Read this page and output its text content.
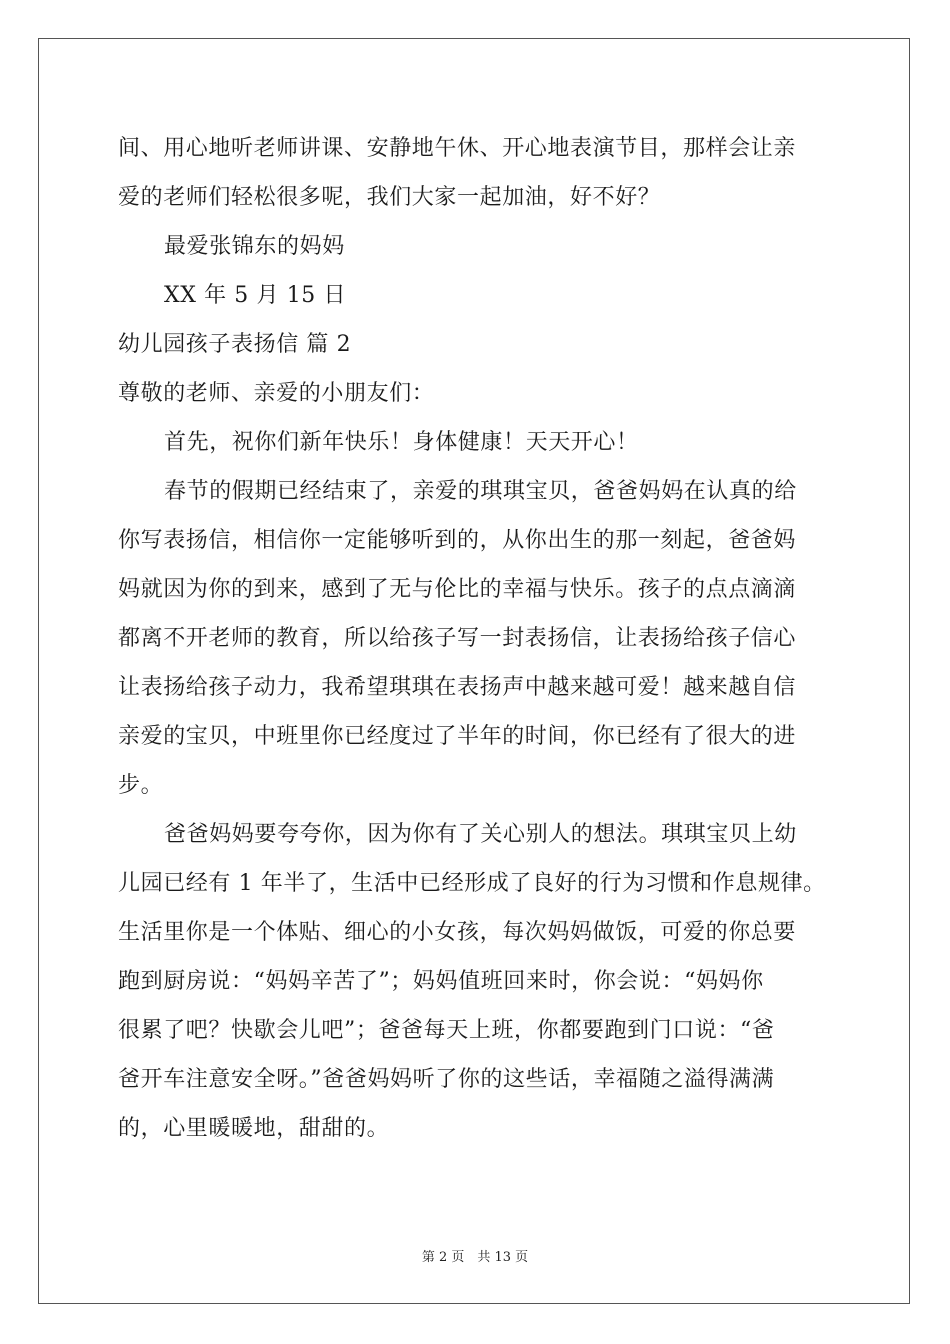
间、用心地听老师讲课、安静地午休、开心地表演节目，那样会让亲
爱的老师们轻松很多呢，我们大家一起加油，好不好？
最爱张锦东的妈妈
XX 年 5 月 15 日
幼儿园孩子表扬信 篇 2
尊敬的老师、亲爱的小朋友们：
首先，祝你们新年快乐！身体健康！天天开心！
春节的假期已经结束了，亲爱的琪琪宝贝，爸爸妈妈在认真的给
你写表扬信，相信你一定能够听到的，从你出生的那一刻起，爸爸妈
妈就因为你的到来，感到了无与伦比的幸福与快乐。孩子的点点滴滴
都离不开老师的教育，所以给孩子写一封表扬信，让表扬给孩子信心
让表扬给孩子动力，我希望琪琪在表扬声中越来越可爱！越来越自信
亲爱的宝贝，中班里你已经度过了半年的时间，你已经有了很大的进
步。
爸爸妈妈要夸夸你，因为你有了关心别人的想法。琪琪宝贝上幼
儿园已经有 1 年半了，生活中已经形成了良好的行为习惯和作息规律。
生活里你是一个体贴、细心的小女孩，每次妈妈做饭，可爱的你总要
跑到厨房说：“妈妈辛苦了”；妈妈值班回来时，你会说：“妈妈你
很累了吧？快歇会儿吧”；爸爸每天上班，你都要跑到门口说：“爸
爸开车注意安全呀。”爸爸妈妈听了你的这些话，幸福随之溢得满满
的，心里暖暖地，甜甜的。
第 2 页　共 13 页
